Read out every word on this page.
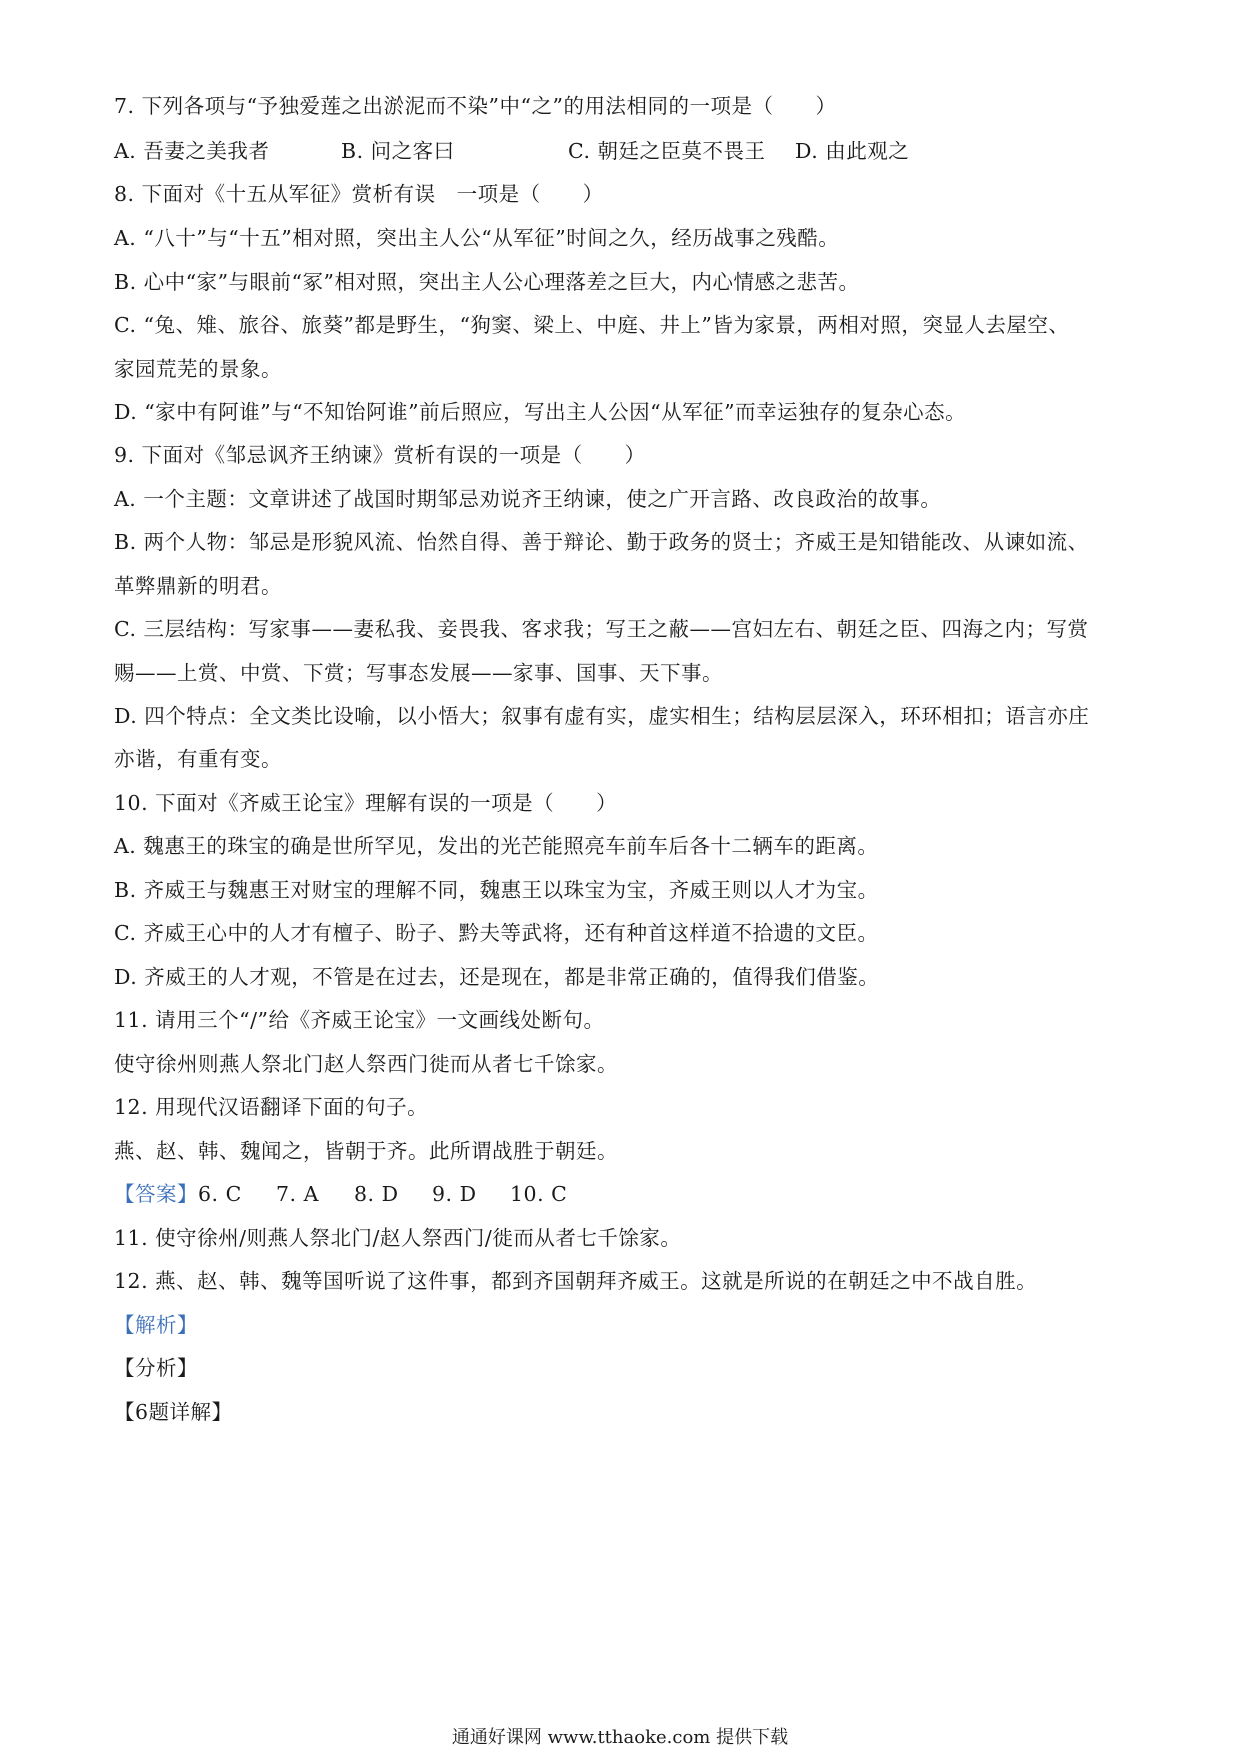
7. 下列各项与“予独爱莲之出淤泥而不染”中“之”的用法相同的一项是（　　）
A. 吾妻之美我者	B. 问之客曰	C. 朝廷之臣莫不畏王	D. 由此观之
8. 下面对《十五从军征》赏析有误　一项是（　　）
A. “八十”与“十五”相对照，突出主人公“从军征”时间之久，经历战事之残酷。
B. 心中“家”与眼前“冢”相对照，突出主人公心理落差之巨大，内心情感之悲苦。
C. “兔、雉、旅谷、旅葵”都是野生，“狗窦、梁上、中庭、井上”皆为家景，两相对照，突显人去屋空、
家园荒芜的景象。
D. “家中有阿谁”与“不知饴阿谁”前后照应，写出主人公因“从军征”而幸运独存的复杂心态。
9. 下面对《邹忌讽齐王纳谏》赏析有误的一项是（　　）
A. 一个主题：文章讲述了战国时期邹忌劝说齐王纳谏，使之广开言路、改良政治的故事。
B. 两个人物：邹忌是形貌风流、怡然自得、善于辩论、勤于政务的贤士；齐威王是知错能改、从谏如流、
革弊鼎新的明君。
C. 三层结构：写家事——妻私我、妾畏我、客求我；写王之蔽——宫妇左右、朝廷之臣、四海之内；写赏
赐——上赏、中赏、下赏；写事态发展——家事、国事、天下事。
D. 四个特点：全文类比设喻，以小悟大；叙事有虚有实，虚实相生；结构层层深入，环环相扣；语言亦庄
亦谐，有重有变。
10. 下面对《齐威王论宝》理解有误的一项是（　　）
A. 魏惠王的珠宝的确是世所罕见，发出的光芒能照亮车前车后各十二辆车的距离。
B. 齐威王与魏惠王对财宝的理解不同，魏惠王以珠宝为宝，齐威王则以人才为宝。
C. 齐威王心中的人才有檀子、盼子、黔夫等武将，还有种首这样道不拾遗的文臣。
D. 齐威王的人才观，不管是在过去，还是现在，都是非常正确的，值得我们借鉴。
11. 请用三个“/”给《齐威王论宝》一文画线处断句。
使守徐州则燕人祭北门赵人祭西门徙而从者七千馀家。
12. 用现代汉语翻译下面的句子。
燕、赵、韩、魏闻之，皆朝于齐。此所谓战胜于朝廷。
【答案】 6. C	7. A	8. D	9. D	10. C
11. 使守徐州/则燕人祭北门/赵人祭西门/徙而从者七千馀家。
12. 燕、赵、韩、魏等国听说了这件事，都到齐国朝拜齐威王。这就是所说的在朝廷之中不战自胜。
【解析】
【分析】
【6题详解】
通通好课网 www.tthaoke.com 提供下载
